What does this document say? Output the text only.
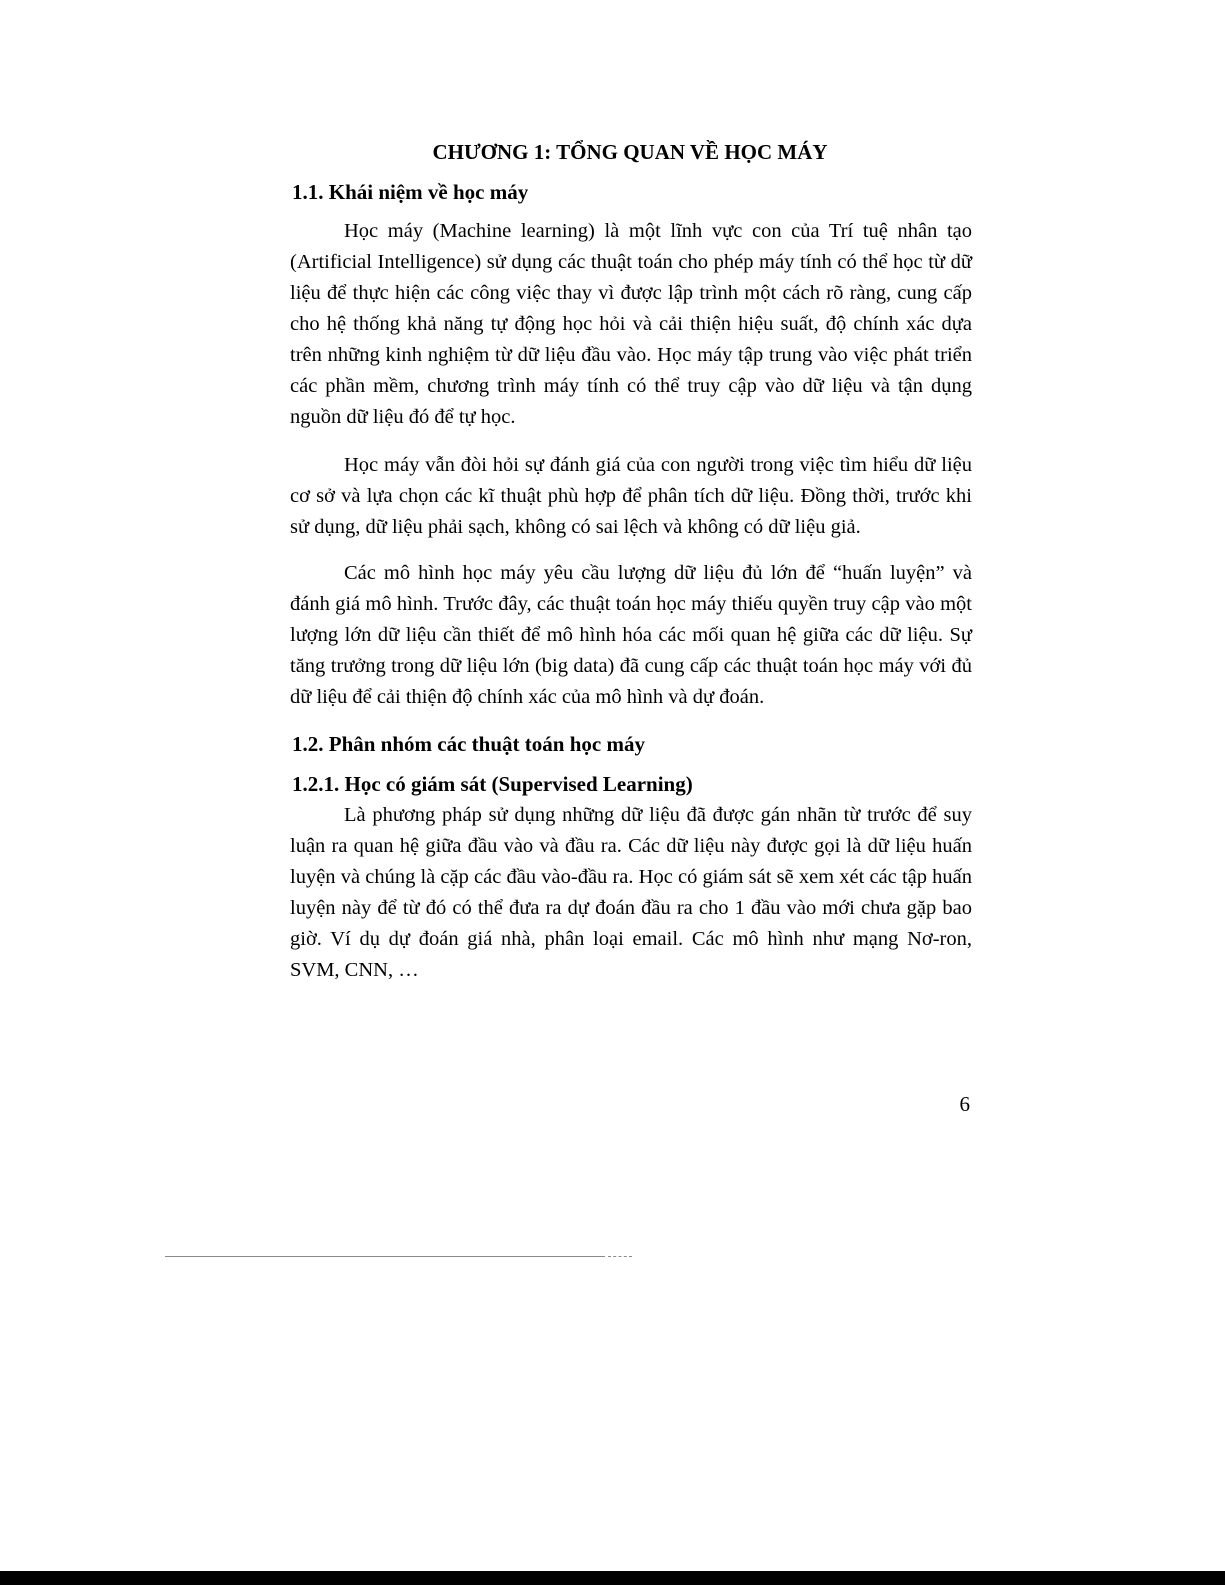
CHƯƠNG 1: TỔNG QUAN VỀ HỌC MÁY
1.1. Khái niệm về học máy

Học máy (Machine learning) là một lĩnh vực con của Trí tuệ nhân tạo (Artificial Intelligence) sử dụng các thuật toán cho phép máy tính có thể học từ dữ liệu để thực hiện các công việc thay vì được lập trình một cách rõ ràng, cung cấp cho hệ thống khả năng tự động học hỏi và cải thiện hiệu suất, độ chính xác dựa trên những kinh nghiệm từ dữ liệu đầu vào. Học máy tập trung vào việc phát triển các phần mềm, chương trình máy tính có thể truy cập vào dữ liệu và tận dụng nguồn dữ liệu đó để tự học.

Học máy vẫn đòi hỏi sự đánh giá của con người trong việc tìm hiểu dữ liệu cơ sở và lựa chọn các kĩ thuật phù hợp để phân tích dữ liệu. Đồng thời, trước khi sử dụng, dữ liệu phải sạch, không có sai lệch và không có dữ liệu giả.

Các mô hình học máy yêu cầu lượng dữ liệu đủ lớn để “huấn luyện” và đánh giá mô hình. Trước đây, các thuật toán học máy thiếu quyền truy cập vào một lượng lớn dữ liệu cần thiết để mô hình hóa các mối quan hệ giữa các dữ liệu. Sự tăng trưởng trong dữ liệu lớn (big data) đã cung cấp các thuật toán học máy với đủ dữ liệu để cải thiện độ chính xác của mô hình và dự đoán.

1.2. Phân nhóm các thuật toán học máy
1.2.1. Học có giám sát (Supervised Learning)

Là phương pháp sử dụng những dữ liệu đã được gán nhãn từ trước để suy luận ra quan hệ giữa đầu vào và đầu ra. Các dữ liệu này được gọi là dữ liệu huấn luyện và chúng là cặp các đầu vào-đầu ra. Học có giám sát sẽ xem xét các tập huấn luyện này để từ đó có thể đưa ra dự đoán đầu ra cho 1 đầu vào mới chưa gặp bao giờ. Ví dụ dự đoán giá nhà, phân loại email. Các mô hình như mạng Nơ-ron, SVM, CNN, …

6
